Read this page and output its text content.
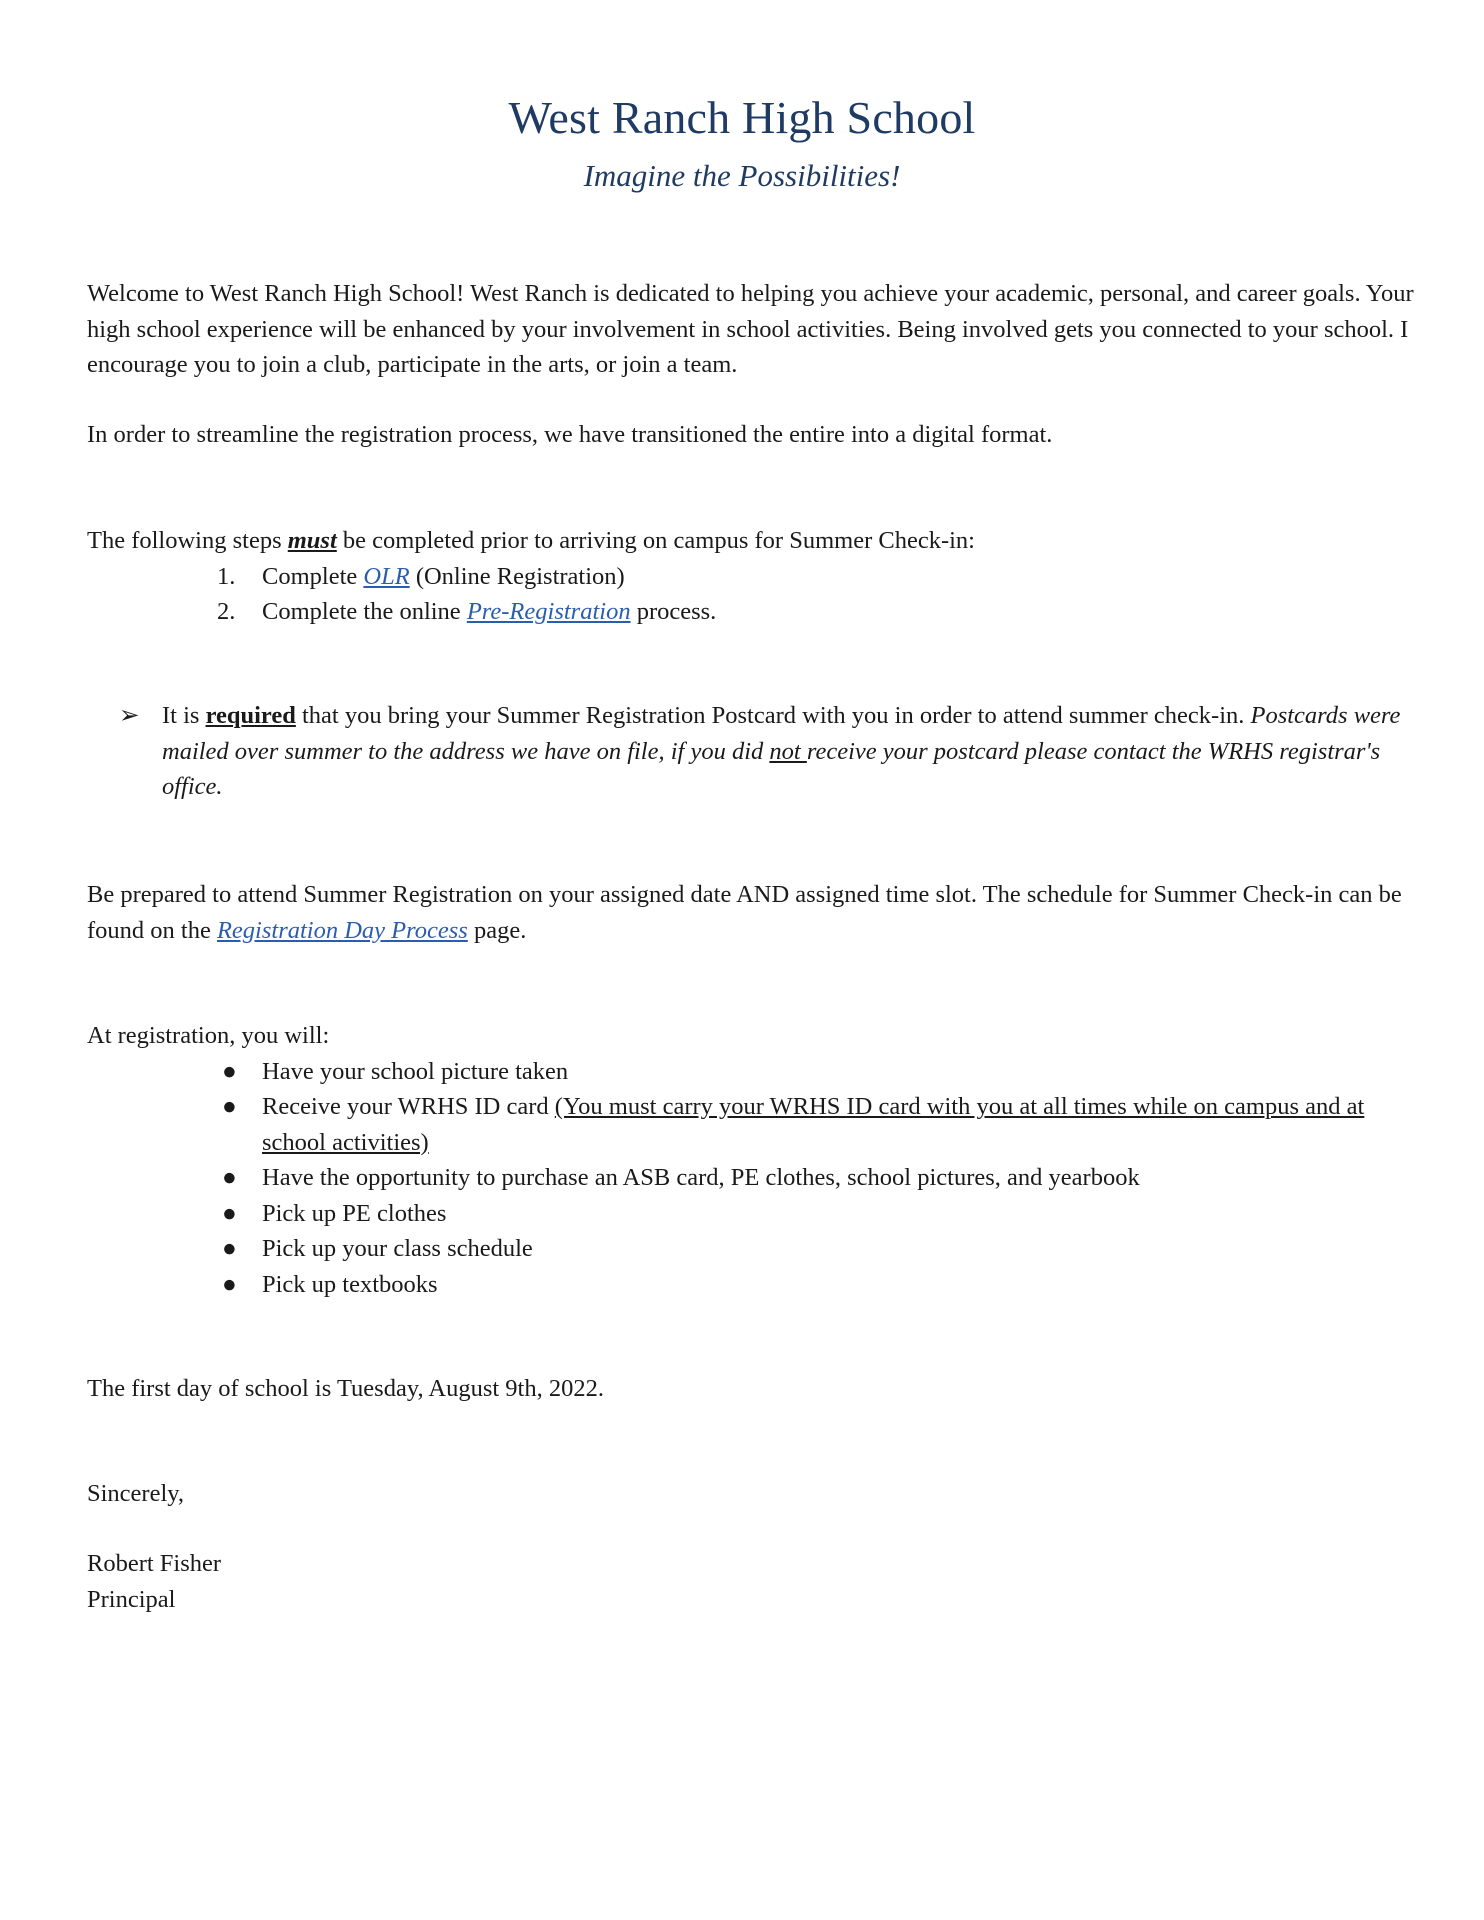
West Ranch High School
Imagine the Possibilities!

Welcome to West Ranch High School! West Ranch is dedicated to helping you achieve your academic, personal, and career goals. Your high school experience will be enhanced by your involvement in school activities. Being involved gets you connected to your school. I encourage you to join a club, participate in the arts, or join a team.

In order to streamline the registration process, we have transitioned the entire into a digital format.

The following steps must be completed prior to arriving on campus for Summer Check-in:

1.	Complete OLR (Online Registration)
2.	Complete the online Pre-Registration process.
➢ It is required that you bring your Summer Registration Postcard with you in order to attend summer check-in. Postcards were mailed over summer to the address we have on file, if you did not receive your postcard please contact the WRHS registrar's office.

Be prepared to attend Summer Registration on your assigned date AND assigned time slot. The schedule for Summer Check-in can be found on the Registration Day Process page.

At registration, you will:

● Have your school picture taken
● Receive your WRHS ID card (You must carry your WRHS ID card with you at all times while on campus and at school activities)
● Have the opportunity to purchase an ASB card, PE clothes, school pictures, and yearbook
● Pick up PE clothes
● Pick up your class schedule
● Pick up textbooks

The first day of school is Tuesday, August 9th, 2022.

Sincerely,

Robert Fisher

Principal
